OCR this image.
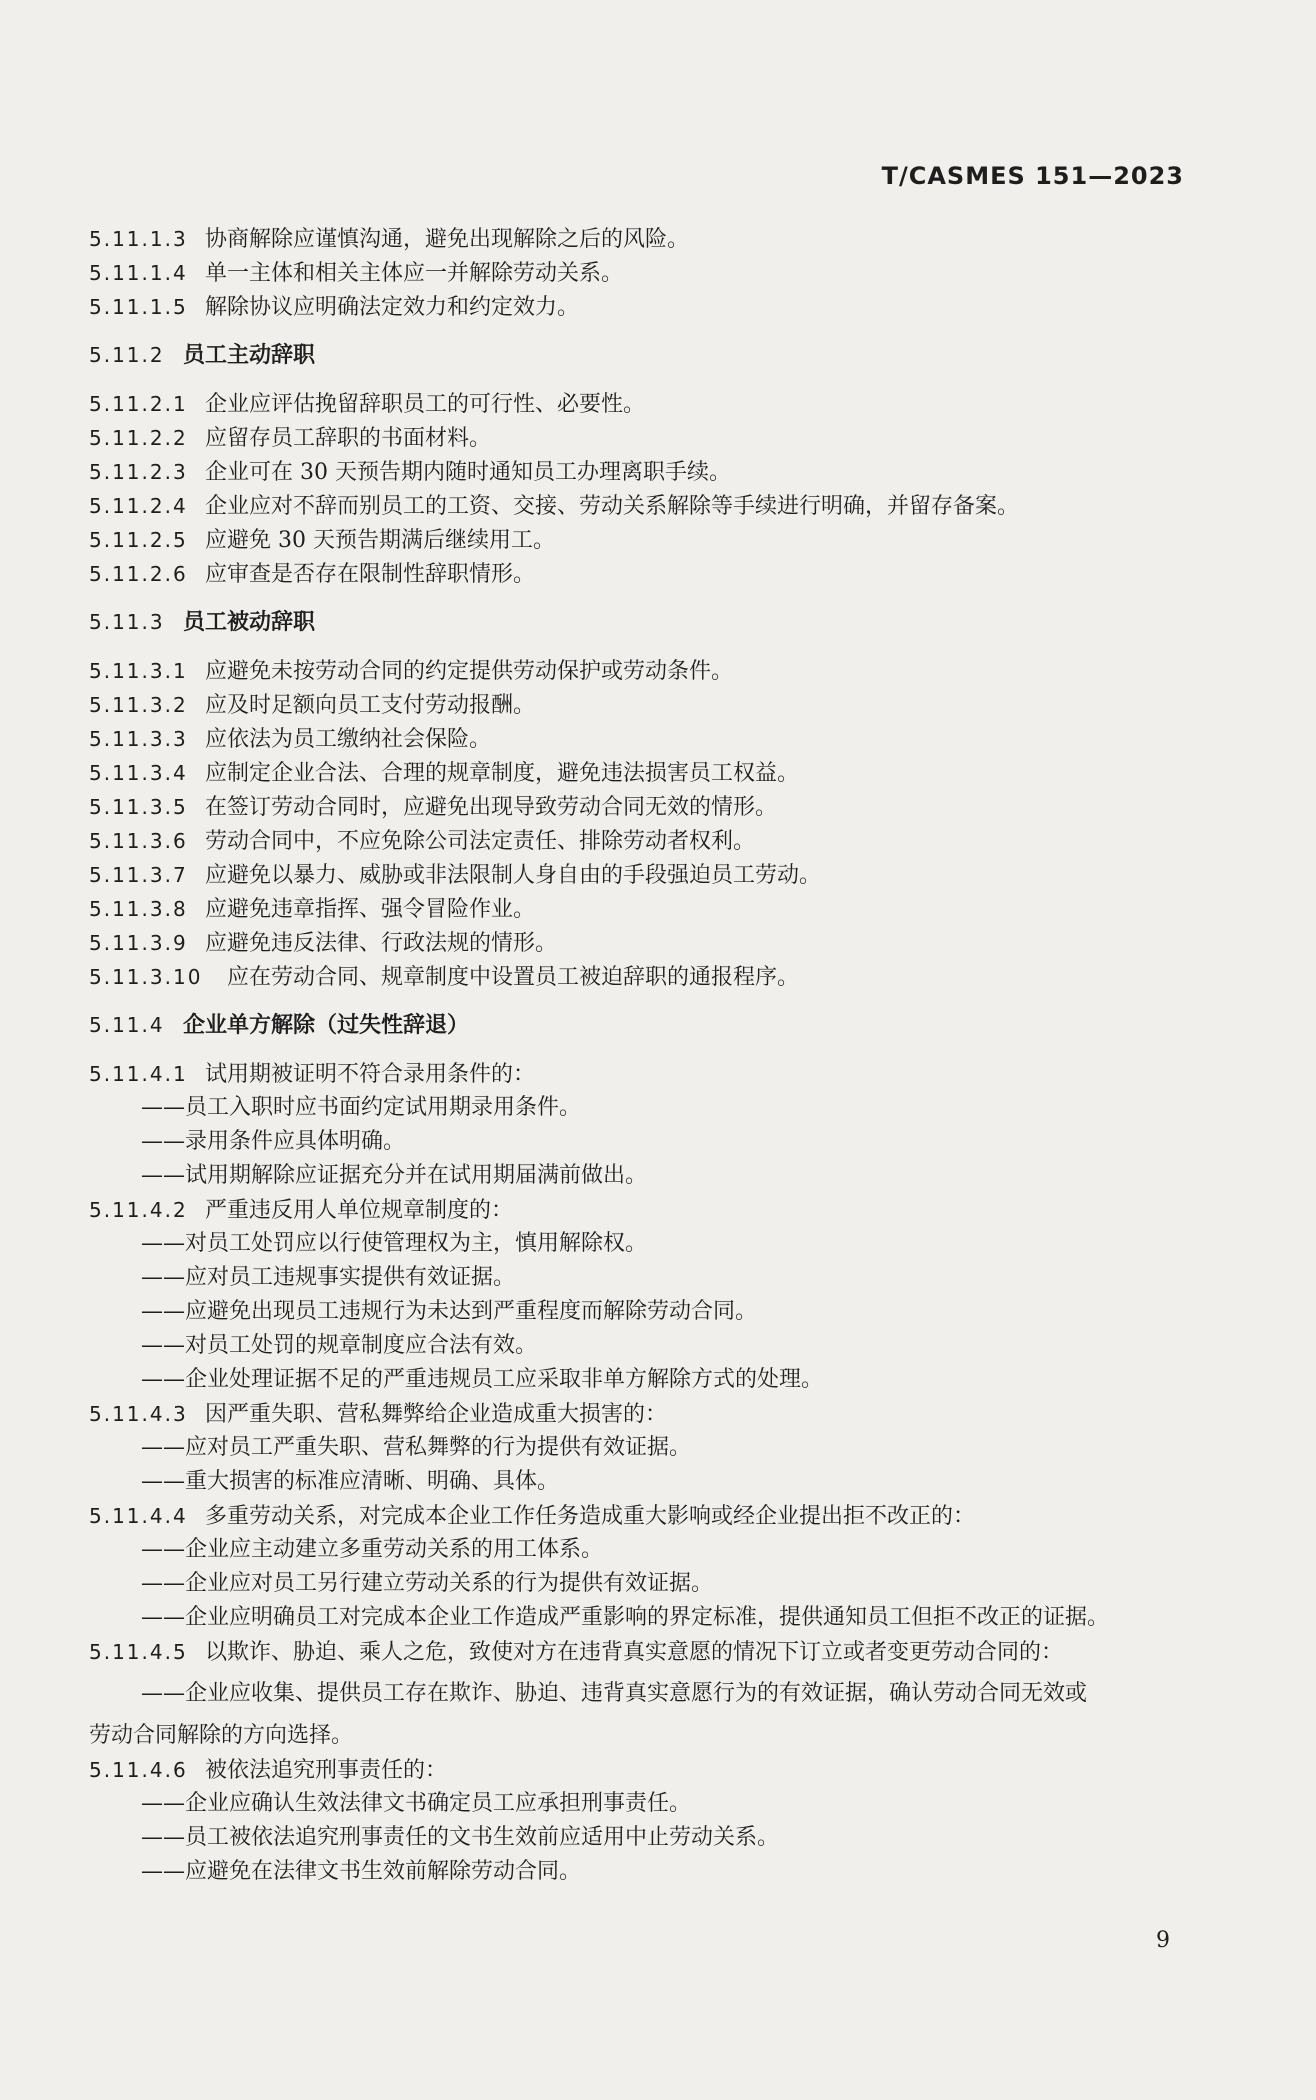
T/CASMES 151—2023
5.11.1.3 协商解除应谨慎沟通，避免出现解除之后的风险。
5.11.1.4 单一主体和相关主体应一并解除劳动关系。
5.11.1.5 解除协议应明确法定效力和约定效力。
5.11.2 员工主动辞职
5.11.2.1 企业应评估挽留辞职员工的可行性、必要性。
5.11.2.2 应留存员工辞职的书面材料。
5.11.2.3 企业可在 30 天预告期内随时通知员工办理离职手续。
5.11.2.4 企业应对不辞而别员工的工资、交接、劳动关系解除等手续进行明确，并留存备案。
5.11.2.5 应避免 30 天预告期满后继续用工。
5.11.2.6 应审查是否存在限制性辞职情形。
5.11.3 员工被动辞职
5.11.3.1 应避免未按劳动合同的约定提供劳动保护或劳动条件。
5.11.3.2 应及时足额向员工支付劳动报酬。
5.11.3.3 应依法为员工缴纳社会保险。
5.11.3.4 应制定企业合法、合理的规章制度，避免违法损害员工权益。
5.11.3.5 在签订劳动合同时，应避免出现导致劳动合同无效的情形。
5.11.3.6 劳动合同中，不应免除公司法定责任、排除劳动者权利。
5.11.3.7 应避免以暴力、威胁或非法限制人身自由的手段强迫员工劳动。
5.11.3.8 应避免违章指挥、强令冒险作业。
5.11.3.9 应避免违反法律、行政法规的情形。
5.11.3.10 应在劳动合同、规章制度中设置员工被迫辞职的通报程序。
5.11.4 企业单方解除（过失性辞退）
5.11.4.1 试用期被证明不符合录用条件的：
——员工入职时应书面约定试用期录用条件。
——录用条件应具体明确。
——试用期解除应证据充分并在试用期届满前做出。
5.11.4.2 严重违反用人单位规章制度的：
——对员工处罚应以行使管理权为主，慎用解除权。
——应对员工违规事实提供有效证据。
——应避免出现员工违规行为未达到严重程度而解除劳动合同。
——对员工处罚的规章制度应合法有效。
——企业处理证据不足的严重违规员工应采取非单方解除方式的处理。
5.11.4.3 因严重失职、营私舞弊给企业造成重大损害的：
——应对员工严重失职、营私舞弊的行为提供有效证据。
——重大损害的标准应清晰、明确、具体。
5.11.4.4 多重劳动关系，对完成本企业工作任务造成重大影响或经企业提出拒不改正的：
——企业应主动建立多重劳动关系的用工体系。
——企业应对员工另行建立劳动关系的行为提供有效证据。
——企业应明确员工对完成本企业工作造成严重影响的界定标准，提供通知员工但拒不改正的证据。
5.11.4.5 以欺诈、胁迫、乘人之危，致使对方在违背真实意愿的情况下订立或者变更劳动合同的：
——企业应收集、提供员工存在欺诈、胁迫、违背真实意愿行为的有效证据，确认劳动合同无效或
劳动合同解除的方向选择。
5.11.4.6 被依法追究刑事责任的：
——企业应确认生效法律文书确定员工应承担刑事责任。
——员工被依法追究刑事责任的文书生效前应适用中止劳动关系。
——应避免在法律文书生效前解除劳动合同。
9
